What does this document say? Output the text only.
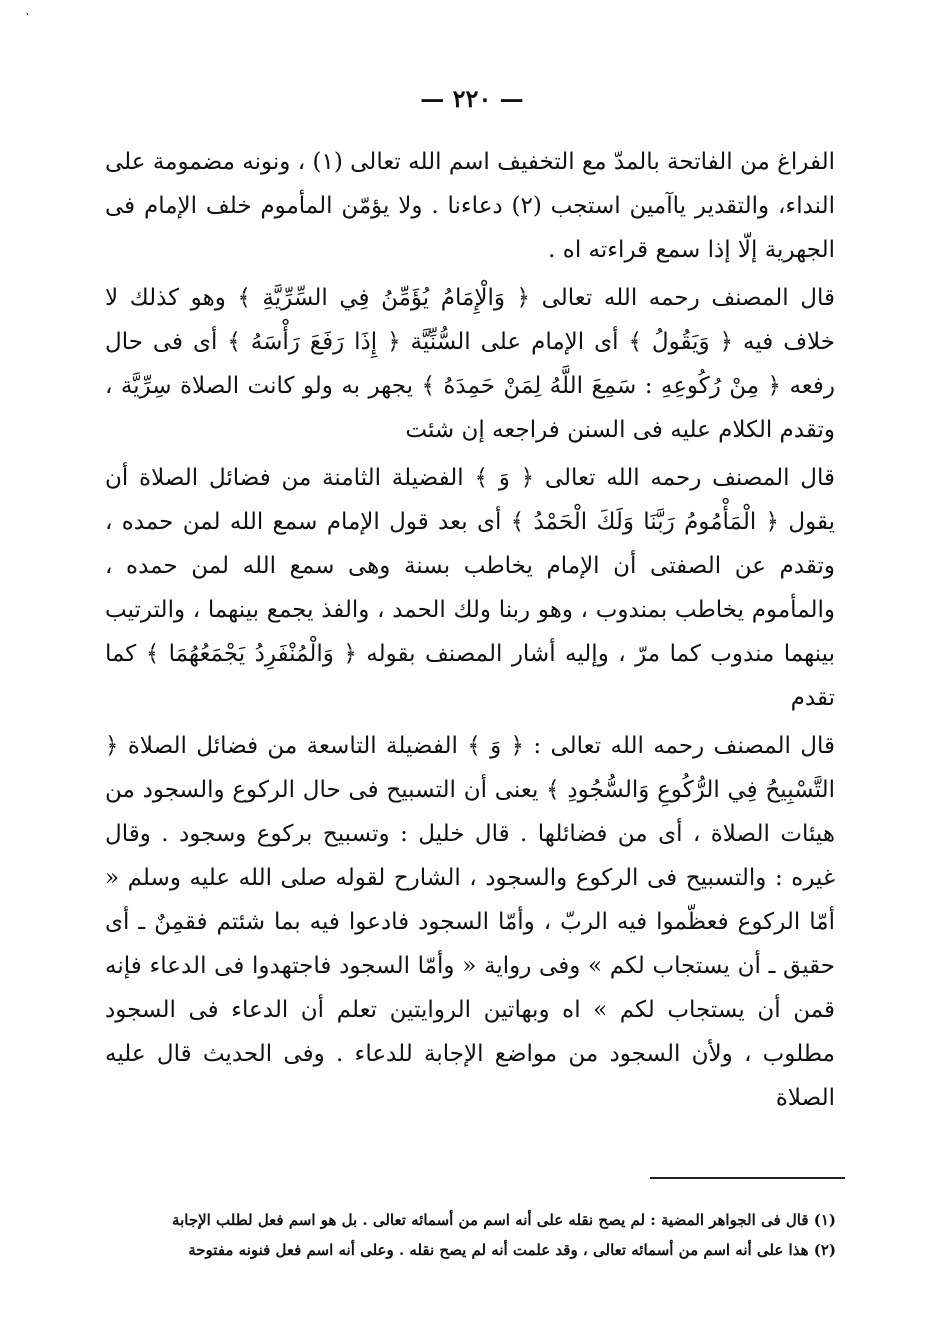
ㆍ
— ٢٢٠ —

الفراغ من الفاتحة بالمدّ مع التخفيف اسم الله تعالى (١) ، ونونه مضمومة على النداء، والتقدير ياآمين استجب (٢) دعاءنا . ولا يؤمّن المأموم خلف الإمام فى الجهرية إلّا إذا سمع قراءته اه .

قال المصنف رحمه الله تعالى ﴿ وَالْإِمَامُ يُؤَمِّنُ فِي السِّرِّيَّةِ ﴾ وهو كذلك لا خلاف فيه ﴿ وَيَقُولُ ﴾ أى الإمام على السُّنِّيَّة ﴿ إِذَا رَفَعَ رَأْسَهُ ﴾ أى فى حال رفعه ﴿ مِنْ رُكُوعِهِ : سَمِعَ اللَّهُ لِمَنْ حَمِدَهُ ﴾ يجهر به ولو كانت الصلاة سِرِّيَّة ، وتقدم الكلام عليه فى السنن فراجعه إن شئت

قال المصنف رحمه الله تعالى ﴿ وَ ﴾ الفضيلة الثامنة من فضائل الصلاة أن يقول ﴿ الْمَأْمُومُ رَبَّنَا وَلَكَ الْحَمْدُ ﴾ أى بعد قول الإمام سمع الله لمن حمده ، وتقدم عن الصفتى أن الإمام يخاطب بسنة وهى سمع الله لمن حمده ، والمأموم يخاطب بمندوب ، وهو ربنا ولك الحمد ، والفذ يجمع بينهما ، والترتيب بينهما مندوب كما مرّ ، وإليه أشار المصنف بقوله ﴿ وَالْمُنْفَرِدُ يَجْمَعُهُمَا ﴾ كما تقدم

قال المصنف رحمه الله تعالى : ﴿ وَ ﴾ الفضيلة التاسعة من فضائل الصلاة ﴿ التَّسْبِيحُ فِي الرُّكُوعِ وَالسُّجُودِ ﴾ يعنى أن التسبيح فى حال الركوع والسجود من هيئات الصلاة ، أى من فضائلها . قال خليل : وتسبيح بركوع وسجود . وقال غيره : والتسبيح فى الركوع والسجود ، الشارح لقوله صلى الله عليه وسلم « أمّا الركوع فعظّموا فيه الربّ ، وأمّا السجود فادعوا فيه بما شئتم فقمِنٌ ـ أى حقيق ـ أن يستجاب لكم » وفى رواية « وأمّا السجود فاجتهدوا فى الدعاء فإنه قمن أن يستجاب لكم » اه وبهاتين الروايتين تعلم أن الدعاء فى السجود مطلوب ، ولأن السجود من مواضع الإجابة للدعاء . وفى الحديث قال عليه الصلاة

(١) قال فى الجواهر المضية : لم يصح نقله على أنه اسم من أسمائه تعالى . بل هو اسم فعل لطلب الإجابة

(٢) هذا على أنه اسم من أسمائه تعالى ، وقد علمت أنه لم يصح نقله . وعلى أنه اسم فعل فنونه مفتوحة
